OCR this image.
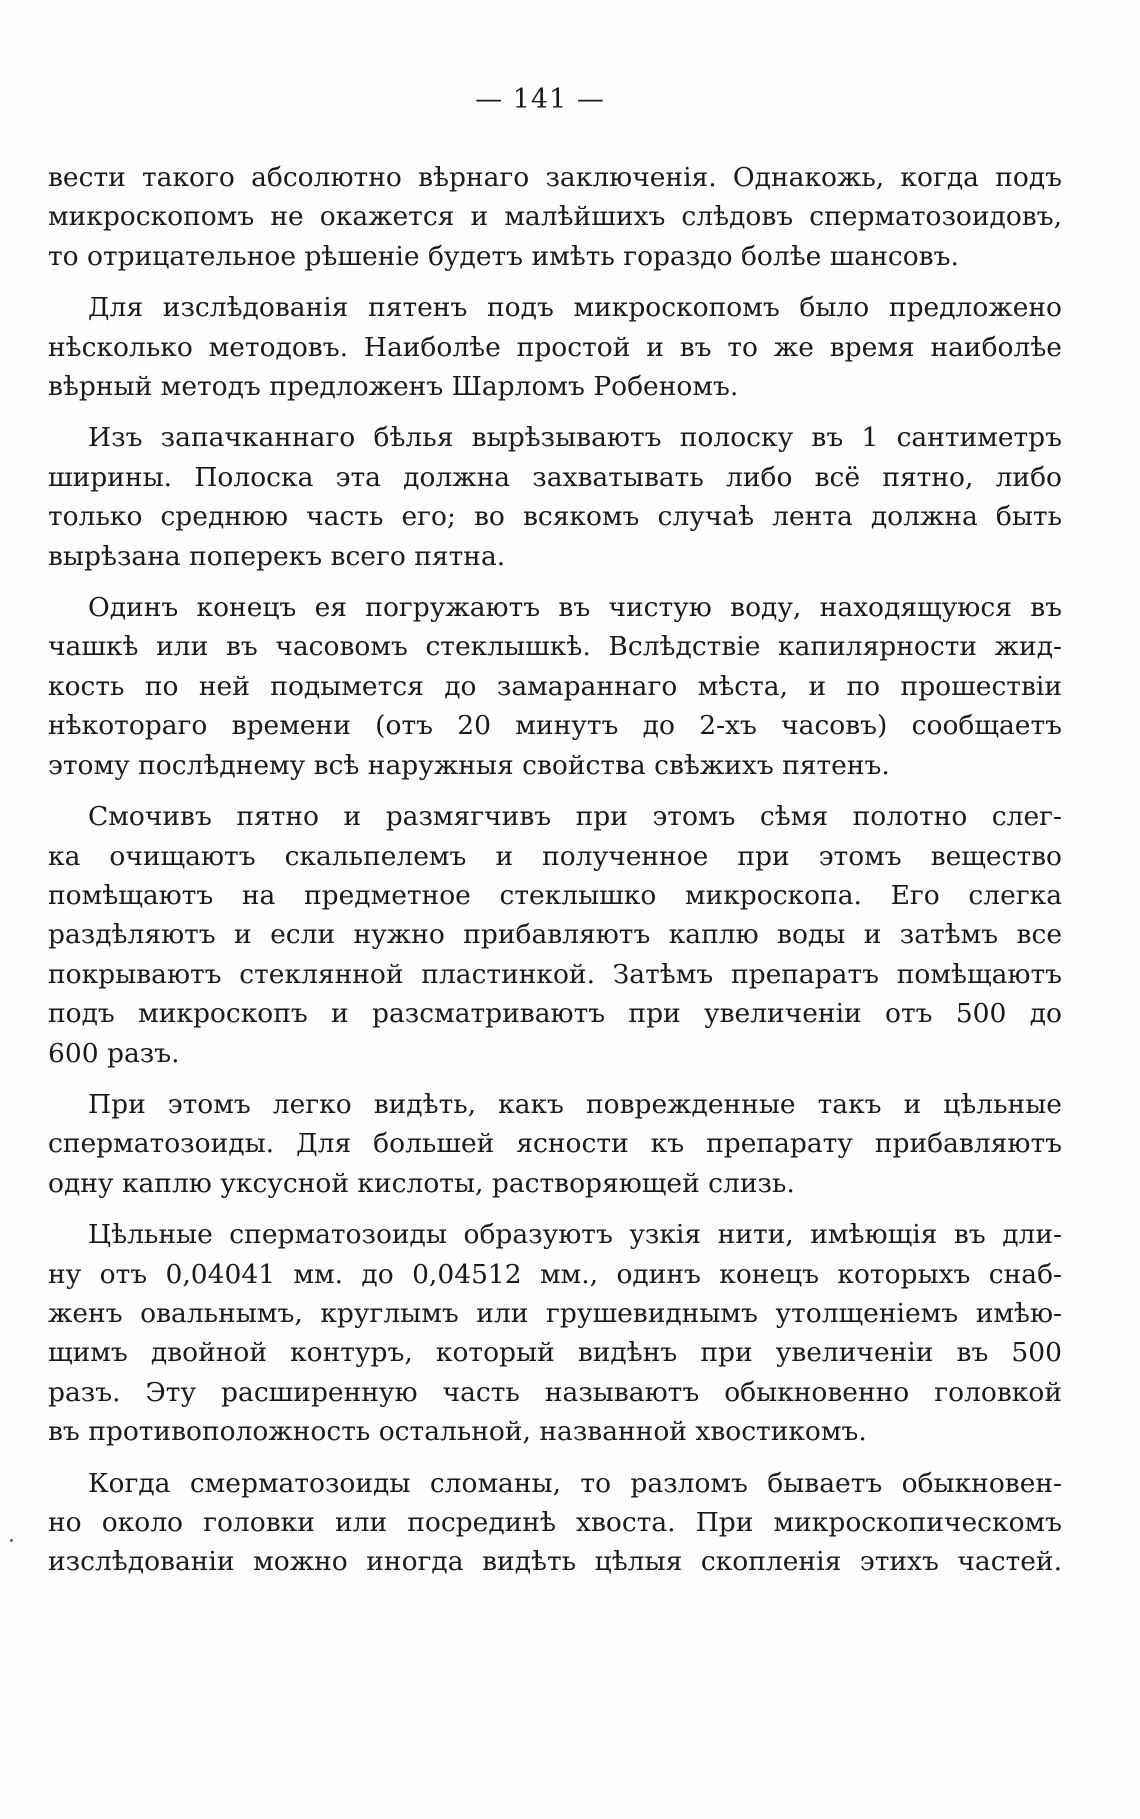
— 141 —

вести такого абсолютно вѣрнаго заключенія. Однакожь, когда подъ
микроскопомъ не окажется и малѣйшихъ слѣдовъ сперматозоидовъ,
то отрицательное рѣшеніе будетъ имѣть гораздо болѣе шансовъ.

Для изслѣдованія пятенъ подъ микроскопомъ было предложено
нѣсколько методовъ. Наиболѣе простой и въ то же время наиболѣе
вѣрный методъ предложенъ Шарломъ Робеномъ.

Изъ запачканнаго бѣлья вырѣзываютъ полоску въ 1 сантиметръ
ширины. Полоска эта должна захватывать либо всё пятно, либо
только среднюю часть его; во всякомъ случаѣ лента должна быть
вырѣзана поперекъ всего пятна.

Одинъ конецъ ея погружаютъ въ чистую воду, находящуюся въ
чашкѣ или въ часовомъ стеклышкѣ. Вслѣдствіе капилярности жид-
кость по ней подымется до замараннаго мѣста, и по прошествіи
нѣкотораго времени (отъ 20 минутъ до 2-хъ часовъ) сообщаетъ
этому послѣднему всѣ наружныя свойства свѣжихъ пятенъ.

Смочивъ пятно и размягчивъ при этомъ сѣмя полотно слег-
ка очищаютъ скальпелемъ и полученное при этомъ вещество
помѣщаютъ на предметное стеклышко микроскопа. Его слегка
раздѣляютъ и если нужно прибавляютъ каплю воды и затѣмъ все
покрываютъ стеклянной пластинкой. Затѣмъ препаратъ помѣщаютъ
подъ микроскопъ и разсматриваютъ при увеличеніи отъ 500 до
600 разъ.

При этомъ легко видѣть, какъ поврежденные такъ и цѣльные
сперматозоиды. Для большей ясности къ препарату прибавляютъ
одну каплю уксусной кислоты, растворяющей слизь.

Цѣльные сперматозоиды образуютъ узкія нити, имѣющія въ дли-
ну отъ 0,04041 мм. до 0,04512 мм., одинъ конецъ которыхъ снаб-
женъ овальнымъ, круглымъ или грушевиднымъ утолщеніемъ имѣю-
щимъ двойной контуръ, который видѣнъ при увеличеніи въ 500
разъ. Эту расширенную часть называютъ обыкновенно головкой
въ противоположность остальной, названной хвостикомъ.

Когда смерматозоиды сломаны, то разломъ бываетъ обыкновен-
но около головки или посрединѣ хвоста. При микроскопическомъ
изслѣдованіи можно иногда видѣть цѣлыя скопленія этихъ частей.
